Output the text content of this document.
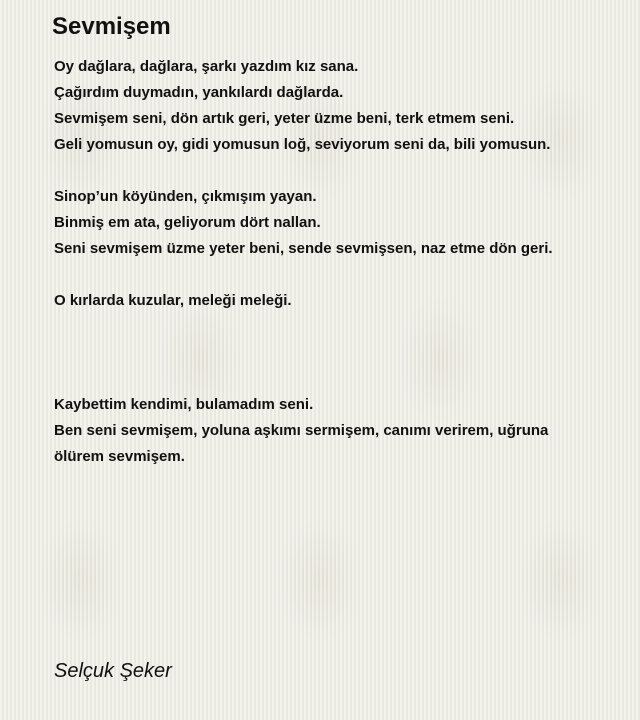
Sevmişem
Oy dağlara, dağlara, şarkı yazdım kız sana.
Çağırdım duymadın, yankılardı dağlarda.
Sevmişem seni, dön artık geri, yeter üzme beni, terk etmem seni.
Geli yomusun oy, gidi yomusun loğ, seviyorum seni da, bili yomusun.
Sinop’un köyünden, çıkmışım yayan.
Binmiş em ata, geliyorum dört nallan.
Seni sevmişem üzme yeter beni, sende sevmişsen, naz etme dön geri.
O kırlarda kuzular, meleği meleği.
Kaybettim kendimi, bulamadım seni.
Ben seni sevmişem, yoluna aşkımı sermişem, canımı verirem, uğruna
ölürem sevmişem.
Selçuk Şeker
